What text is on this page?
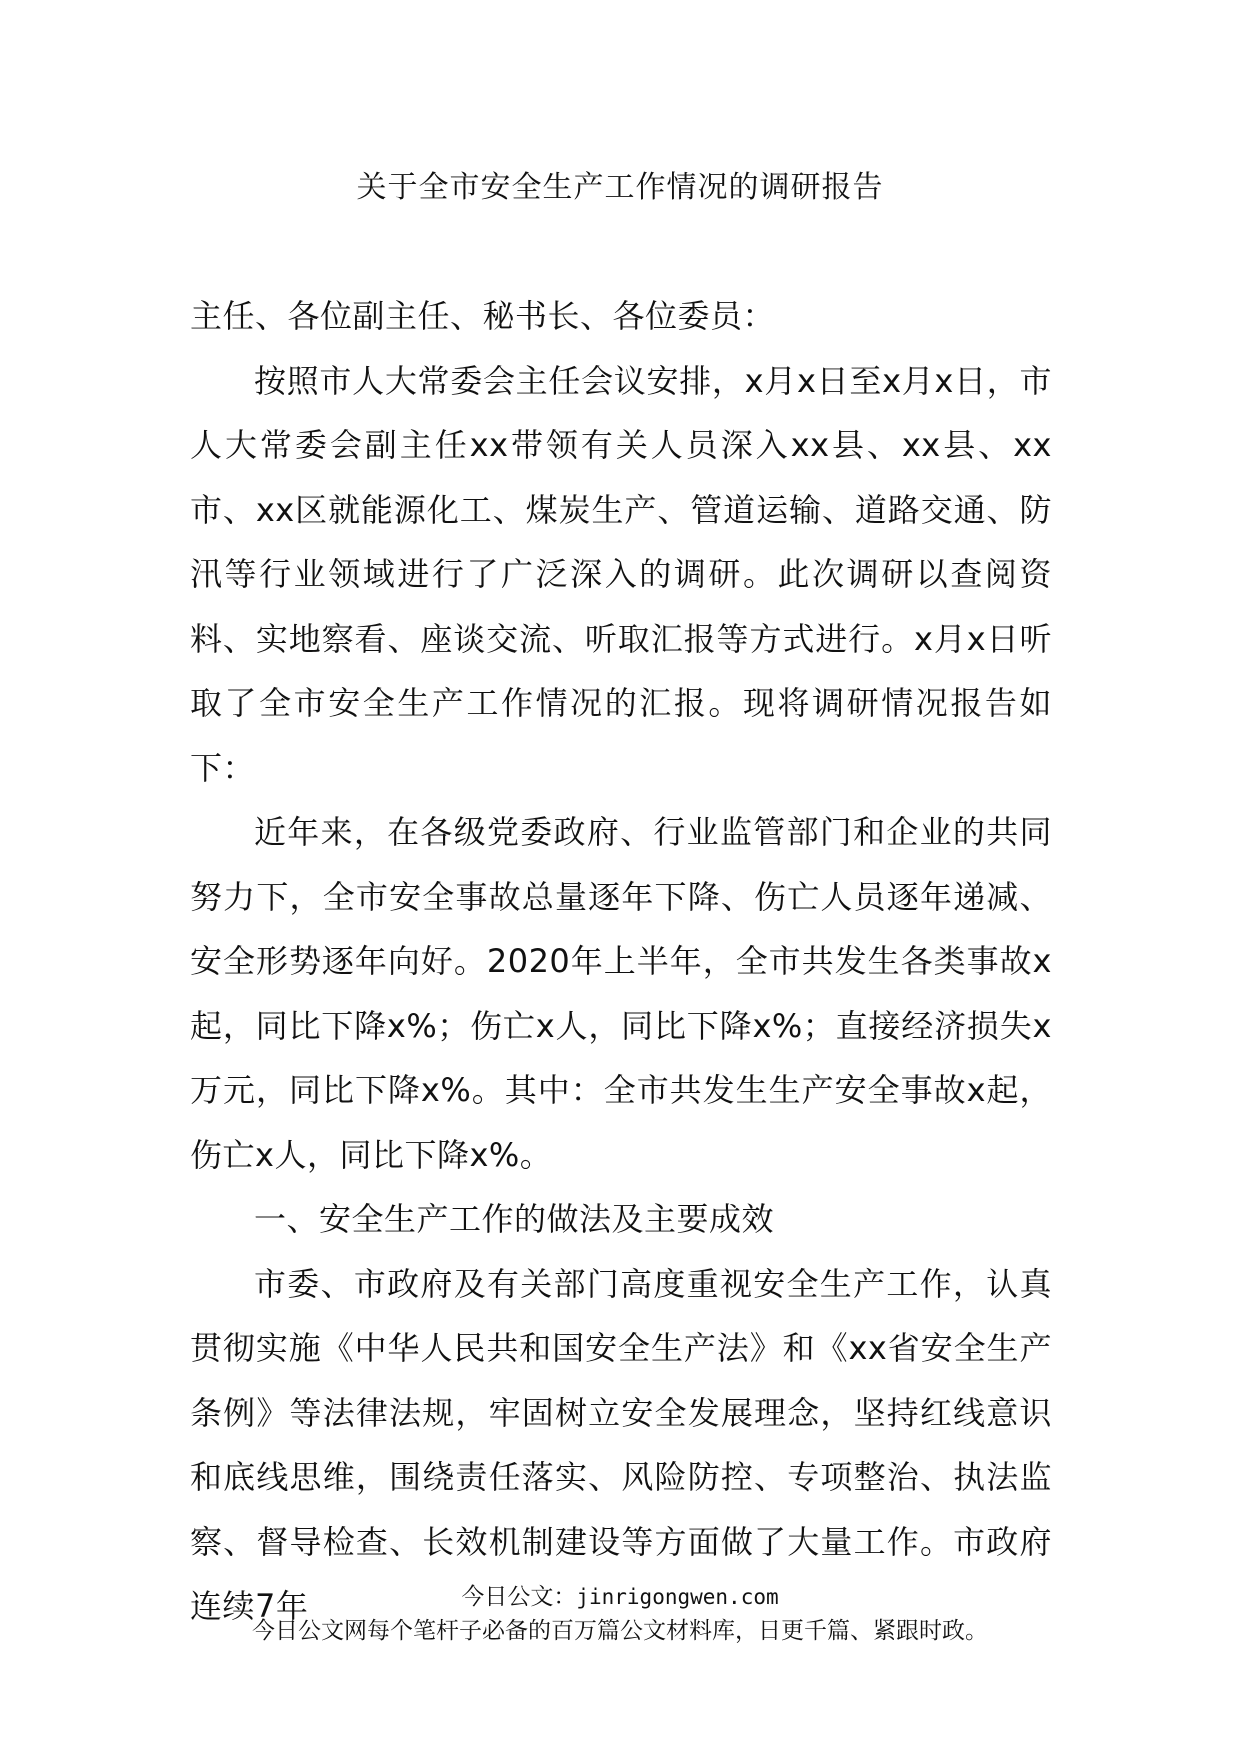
关于全市安全生产工作情况的调研报告

主任、各位副主任、秘书长、各位委员：

按照市人大常委会主任会议安排，x月x日至x月x日，市人大常委会副主任xx带领有关人员深入xx县、xx县、xx市、xx区就能源化工、煤炭生产、管道运输、道路交通、防汛等行业领域进行了广泛深入的调研。此次调研以查阅资料、实地察看、座谈交流、听取汇报等方式进行。x月x日听取了全市安全生产工作情况的汇报。现将调研情况报告如下：

近年来，在各级党委政府、行业监管部门和企业的共同努力下，全市安全事故总量逐年下降、伤亡人员逐年递减、安全形势逐年向好。2020年上半年，全市共发生各类事故x起，同比下降x%；伤亡x人，同比下降x%；直接经济损失x万元，同比下降x%。其中：全市共发生生产安全事故x起，伤亡x人，同比下降x%。

一、安全生产工作的做法及主要成效

市委、市政府及有关部门高度重视安全生产工作，认真贯彻实施《中华人民共和国安全生产法》和《xx省安全生产条例》等法律法规，牢固树立安全发展理念，坚持红线意识和底线思维，围绕责任落实、风险防控、专项整治、执法监察、督导检查、长效机制建设等方面做了大量工作。市政府连续7年	今日公文：jinrigongwen.com
今日公文网每个笔杆子必备的百万篇公文材料库，日更千篇、紧跟时政。
